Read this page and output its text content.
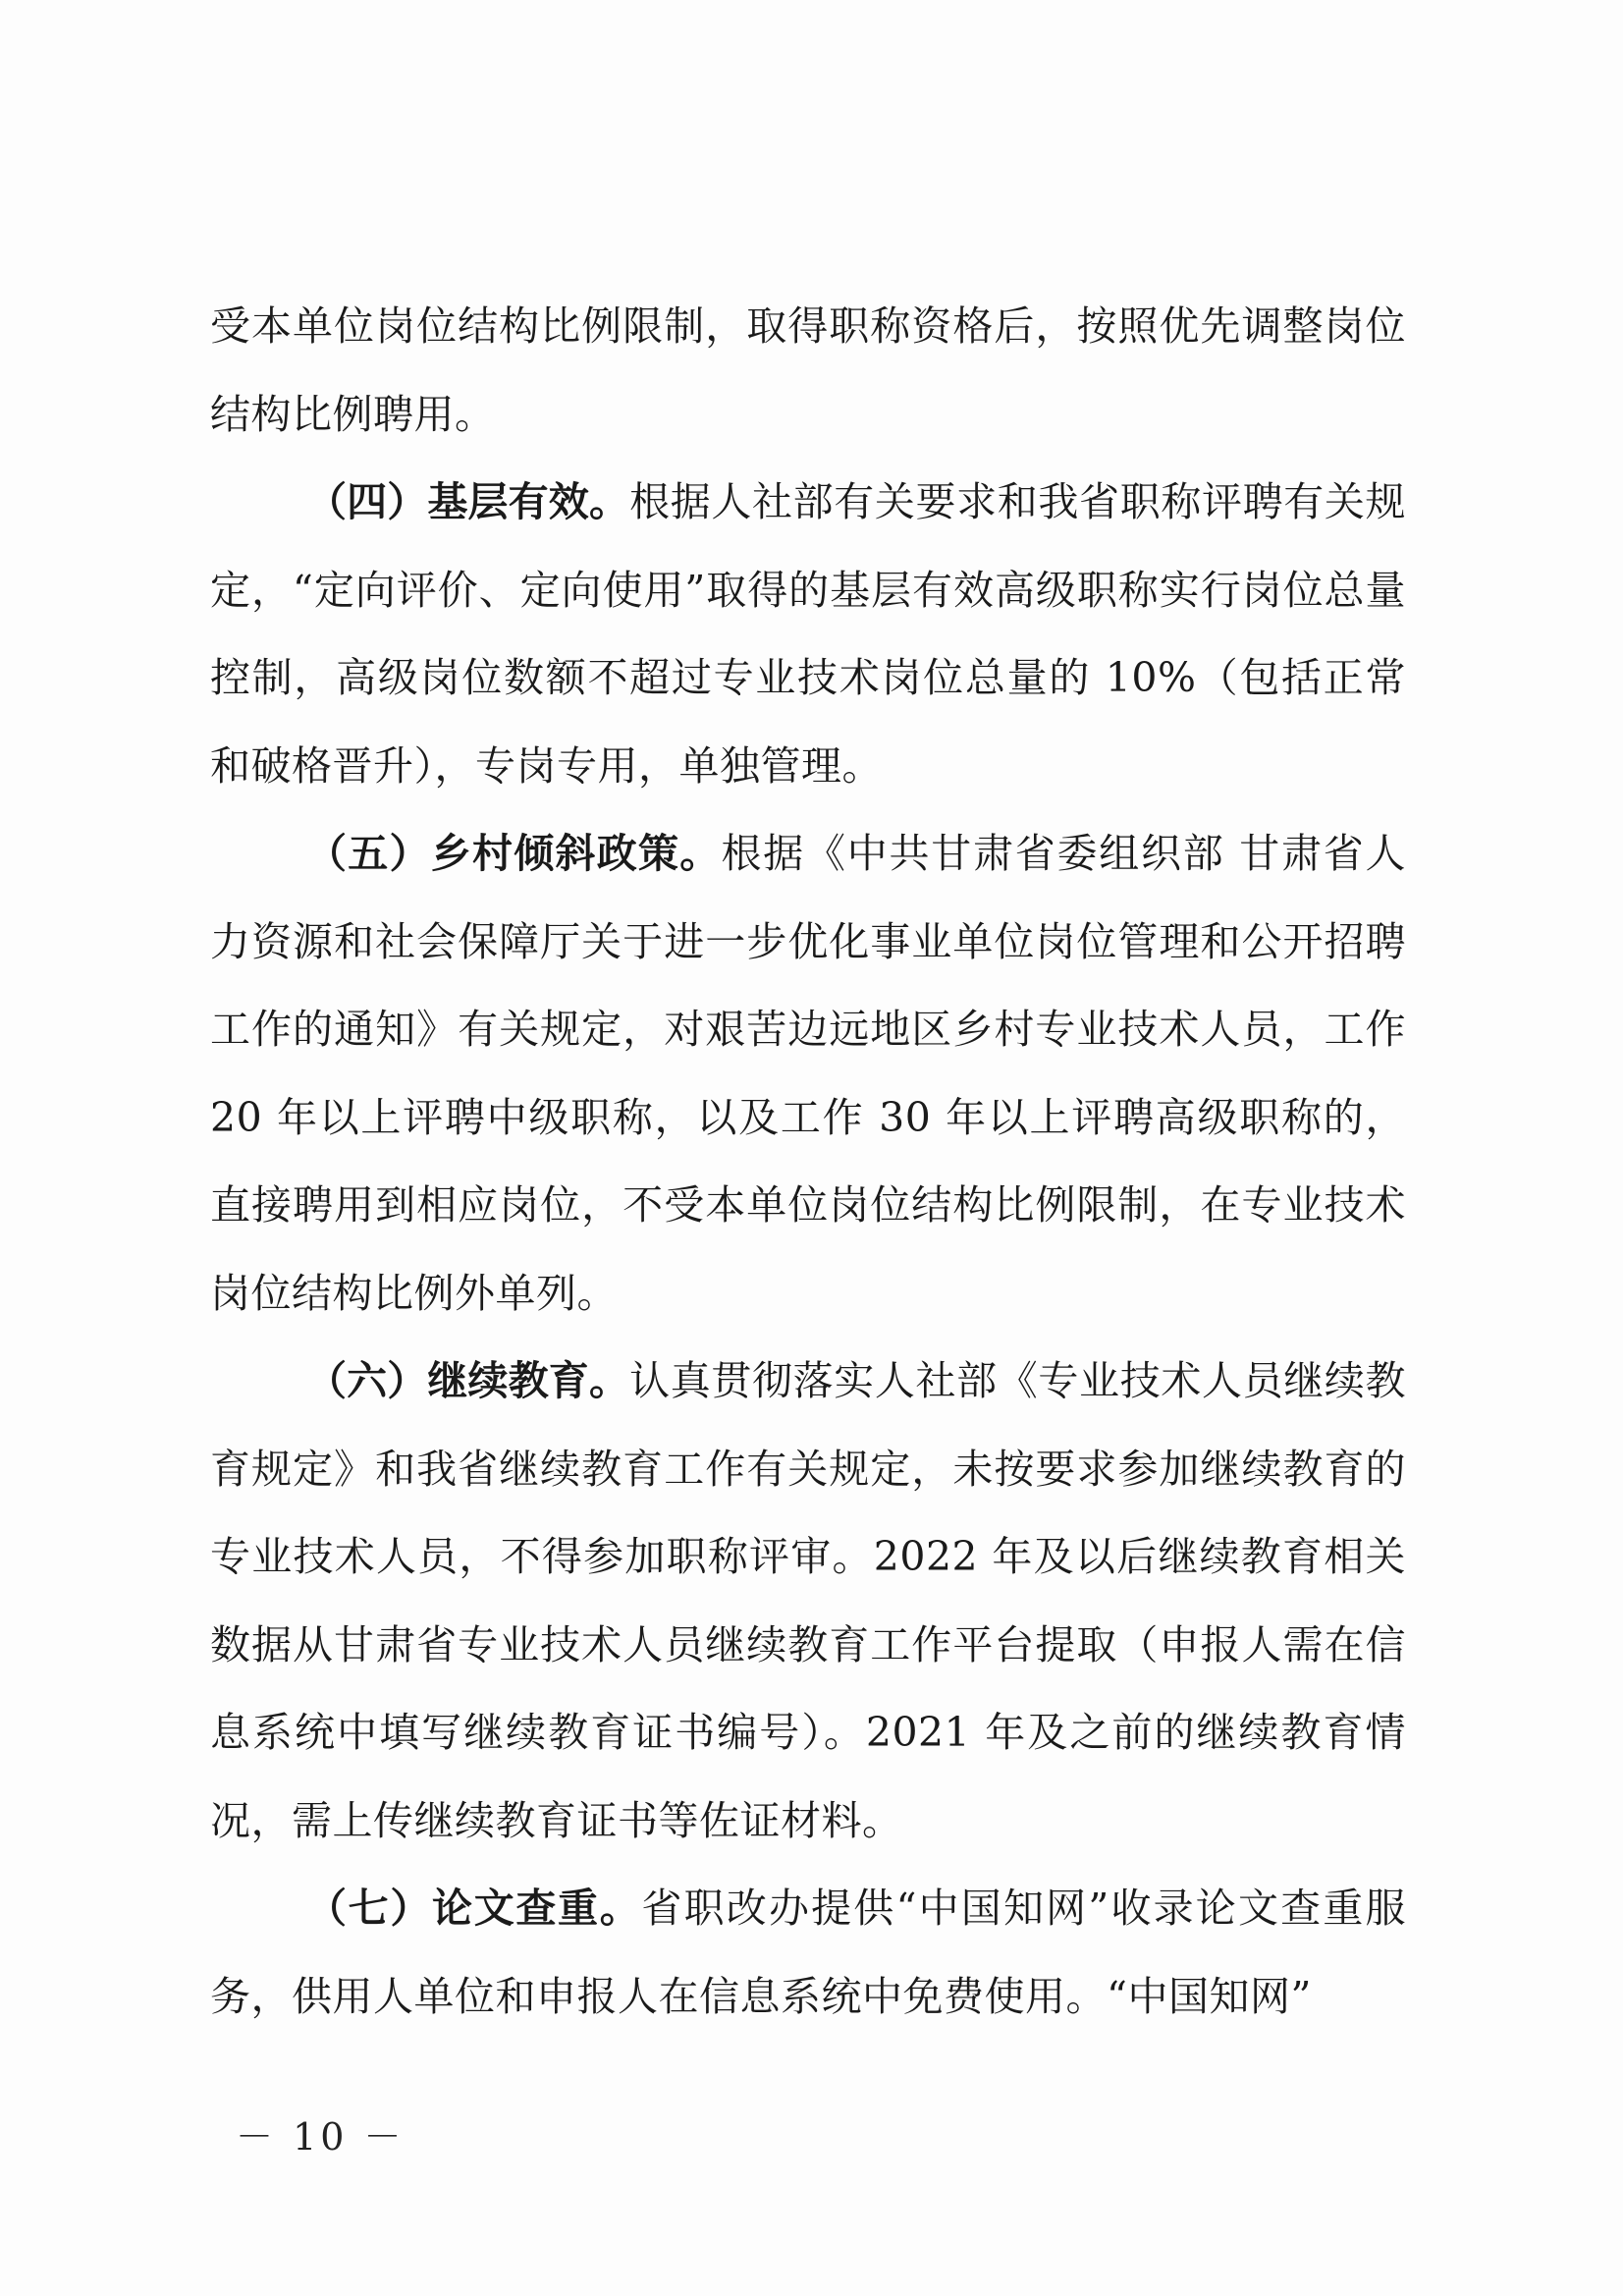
受本单位岗位结构比例限制，取得职称资格后，按照优先调整岗位结构比例聘用。

（四）基层有效。根据人社部有关要求和我省职称评聘有关规定，“定向评价、定向使用”取得的基层有效高级职称实行岗位总量控制，高级岗位数额不超过专业技术岗位总量的 10%（包括正常和破格晋升），专岗专用，单独管理。

（五）乡村倾斜政策。根据《中共甘肃省委组织部 甘肃省人力资源和社会保障厅关于进一步优化事业单位岗位管理和公开招聘工作的通知》有关规定，对艰苦边远地区乡村专业技术人员，工作 20 年以上评聘中级职称，以及工作 30 年以上评聘高级职称的，直接聘用到相应岗位，不受本单位岗位结构比例限制，在专业技术岗位结构比例外单列。

（六）继续教育。认真贯彻落实人社部《专业技术人员继续教育规定》和我省继续教育工作有关规定，未按要求参加继续教育的专业技术人员，不得参加职称评审。2022 年及以后继续教育相关数据从甘肃省专业技术人员继续教育工作平台提取（申报人需在信息系统中填写继续教育证书编号）。2021 年及之前的继续教育情况，需上传继续教育证书等佐证材料。

（七）论文查重。省职改办提供“中国知网”收录论文查重服务，供用人单位和申报人在信息系统中免费使用。“中国知网”

－ 10 －
